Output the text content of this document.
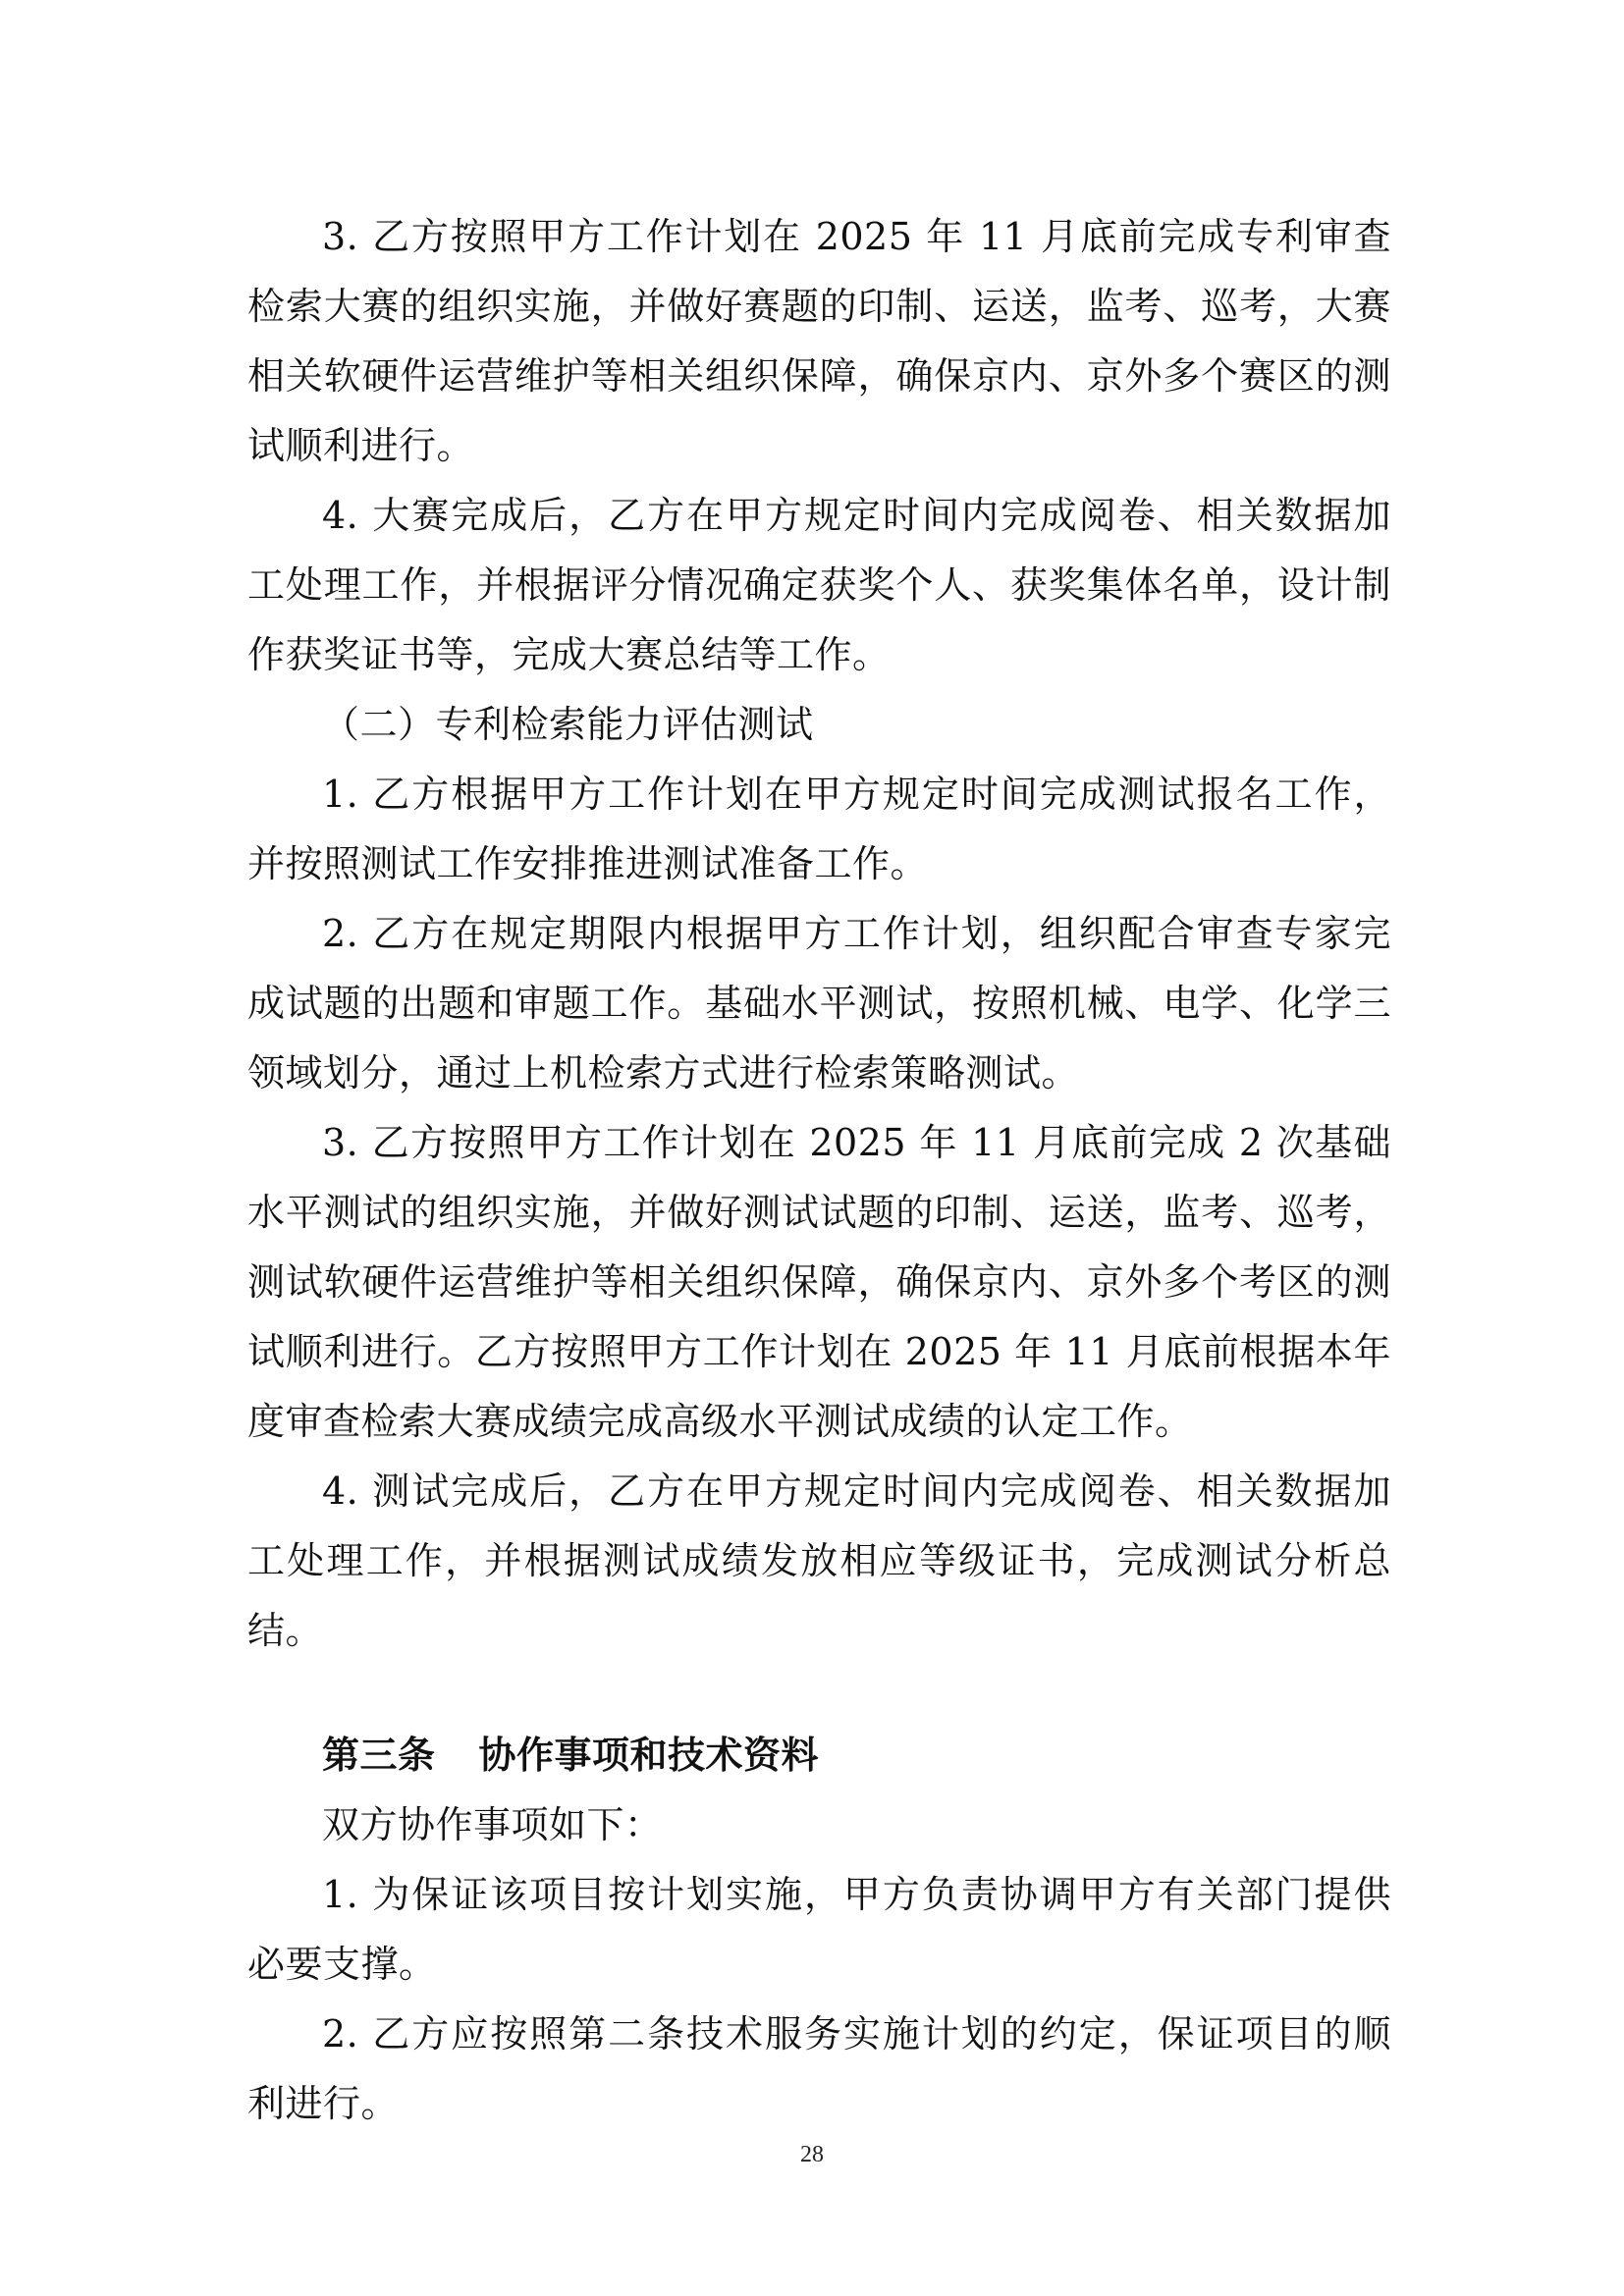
3. 乙方按照甲方工作计划在 2025 年 11 月底前完成专利审查检索大赛的组织实施，并做好赛题的印制、运送，监考、巡考，大赛相关软硬件运营维护等相关组织保障，确保京内、京外多个赛区的测试顺利进行。

4. 大赛完成后，乙方在甲方规定时间内完成阅卷、相关数据加工处理工作，并根据评分情况确定获奖个人、获奖集体名单，设计制作获奖证书等，完成大赛总结等工作。

（二）专利检索能力评估测试

1. 乙方根据甲方工作计划在甲方规定时间完成测试报名工作，并按照测试工作安排推进测试准备工作。

2. 乙方在规定期限内根据甲方工作计划，组织配合审查专家完成试题的出题和审题工作。基础水平测试，按照机械、电学、化学三领域划分，通过上机检索方式进行检索策略测试。

3. 乙方按照甲方工作计划在 2025 年 11 月底前完成 2 次基础水平测试的组织实施，并做好测试试题的印制、运送，监考、巡考，测试软硬件运营维护等相关组织保障，确保京内、京外多个考区的测试顺利进行。乙方按照甲方工作计划在 2025 年 11 月底前根据本年度审查检索大赛成绩完成高级水平测试成绩的认定工作。

4. 测试完成后，乙方在甲方规定时间内完成阅卷、相关数据加工处理工作，并根据测试成绩发放相应等级证书，完成测试分析总结。

第三条 协作事项和技术资料

双方协作事项如下：

1. 为保证该项目按计划实施，甲方负责协调甲方有关部门提供必要支撑。

2. 乙方应按照第二条技术服务实施计划的约定，保证项目的顺利进行。

28
